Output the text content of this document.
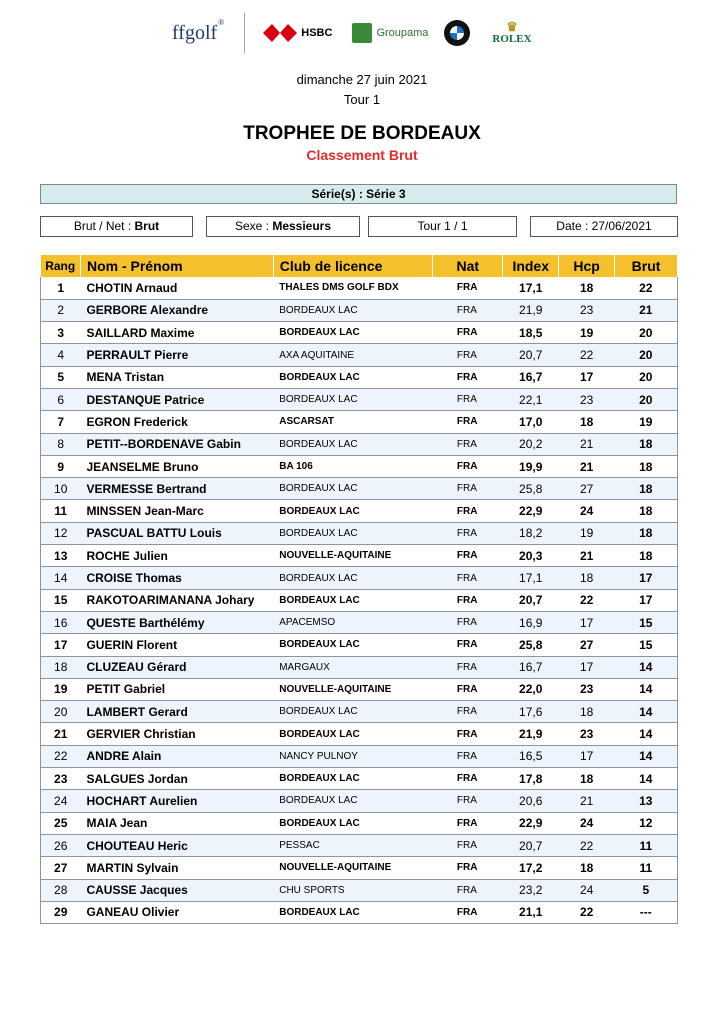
ffgolf®
HSBC	Groupama	♛
ROLEX
dimanche 27 juin 2021
Tour 1
TROPHEE DE BORDEAUX
Classement Brut
Série(s) : Série 3
Brut / Net : Brut	Sexe : Messieurs	Tour 1 / 1	Date : 27/06/2021
Rang	Nom - Prénom	Club de licence	Nat	Index	Hcp	Brut
1	CHOTIN Arnaud	THALES DMS GOLF BDX	FRA	17,1	18	22
2	GERBORE Alexandre	BORDEAUX LAC	FRA	21,9	23	21
3	SAILLARD Maxime	BORDEAUX LAC	FRA	18,5	19	20
4	PERRAULT Pierre	AXA AQUITAINE	FRA	20,7	22	20
5	MENA Tristan	BORDEAUX LAC	FRA	16,7	17	20
6	DESTANQUE Patrice	BORDEAUX LAC	FRA	22,1	23	20
7	EGRON Frederick	ASCARSAT	FRA	17,0	18	19
8	PETIT--BORDENAVE Gabin	BORDEAUX LAC	FRA	20,2	21	18
9	JEANSELME Bruno	BA 106	FRA	19,9	21	18
10	VERMESSE Bertrand	BORDEAUX LAC	FRA	25,8	27	18
11	MINSSEN Jean-Marc	BORDEAUX LAC	FRA	22,9	24	18
12	PASCUAL BATTU Louis	BORDEAUX LAC	FRA	18,2	19	18
13	ROCHE Julien	NOUVELLE-AQUITAINE	FRA	20,3	21	18
14	CROISE Thomas	BORDEAUX LAC	FRA	17,1	18	17
15	RAKOTOARIMANANA Johary	BORDEAUX LAC	FRA	20,7	22	17
16	QUESTE Barthélémy	APACEMSO	FRA	16,9	17	15
17	GUERIN Florent	BORDEAUX LAC	FRA	25,8	27	15
18	CLUZEAU Gérard	MARGAUX	FRA	16,7	17	14
19	PETIT Gabriel	NOUVELLE-AQUITAINE	FRA	22,0	23	14
20	LAMBERT Gerard	BORDEAUX LAC	FRA	17,6	18	14
21	GERVIER Christian	BORDEAUX LAC	FRA	21,9	23	14
22	ANDRE Alain	NANCY PULNOY	FRA	16,5	17	14
23	SALGUES Jordan	BORDEAUX LAC	FRA	17,8	18	14
24	HOCHART Aurelien	BORDEAUX LAC	FRA	20,6	21	13
25	MAIA Jean	BORDEAUX LAC	FRA	22,9	24	12
26	CHOUTEAU Heric	PESSAC	FRA	20,7	22	11
27	MARTIN Sylvain	NOUVELLE-AQUITAINE	FRA	17,2	18	11
28	CAUSSE Jacques	CHU SPORTS	FRA	23,2	24	5
29	GANEAU Olivier	BORDEAUX LAC	FRA	21,1	22	---
